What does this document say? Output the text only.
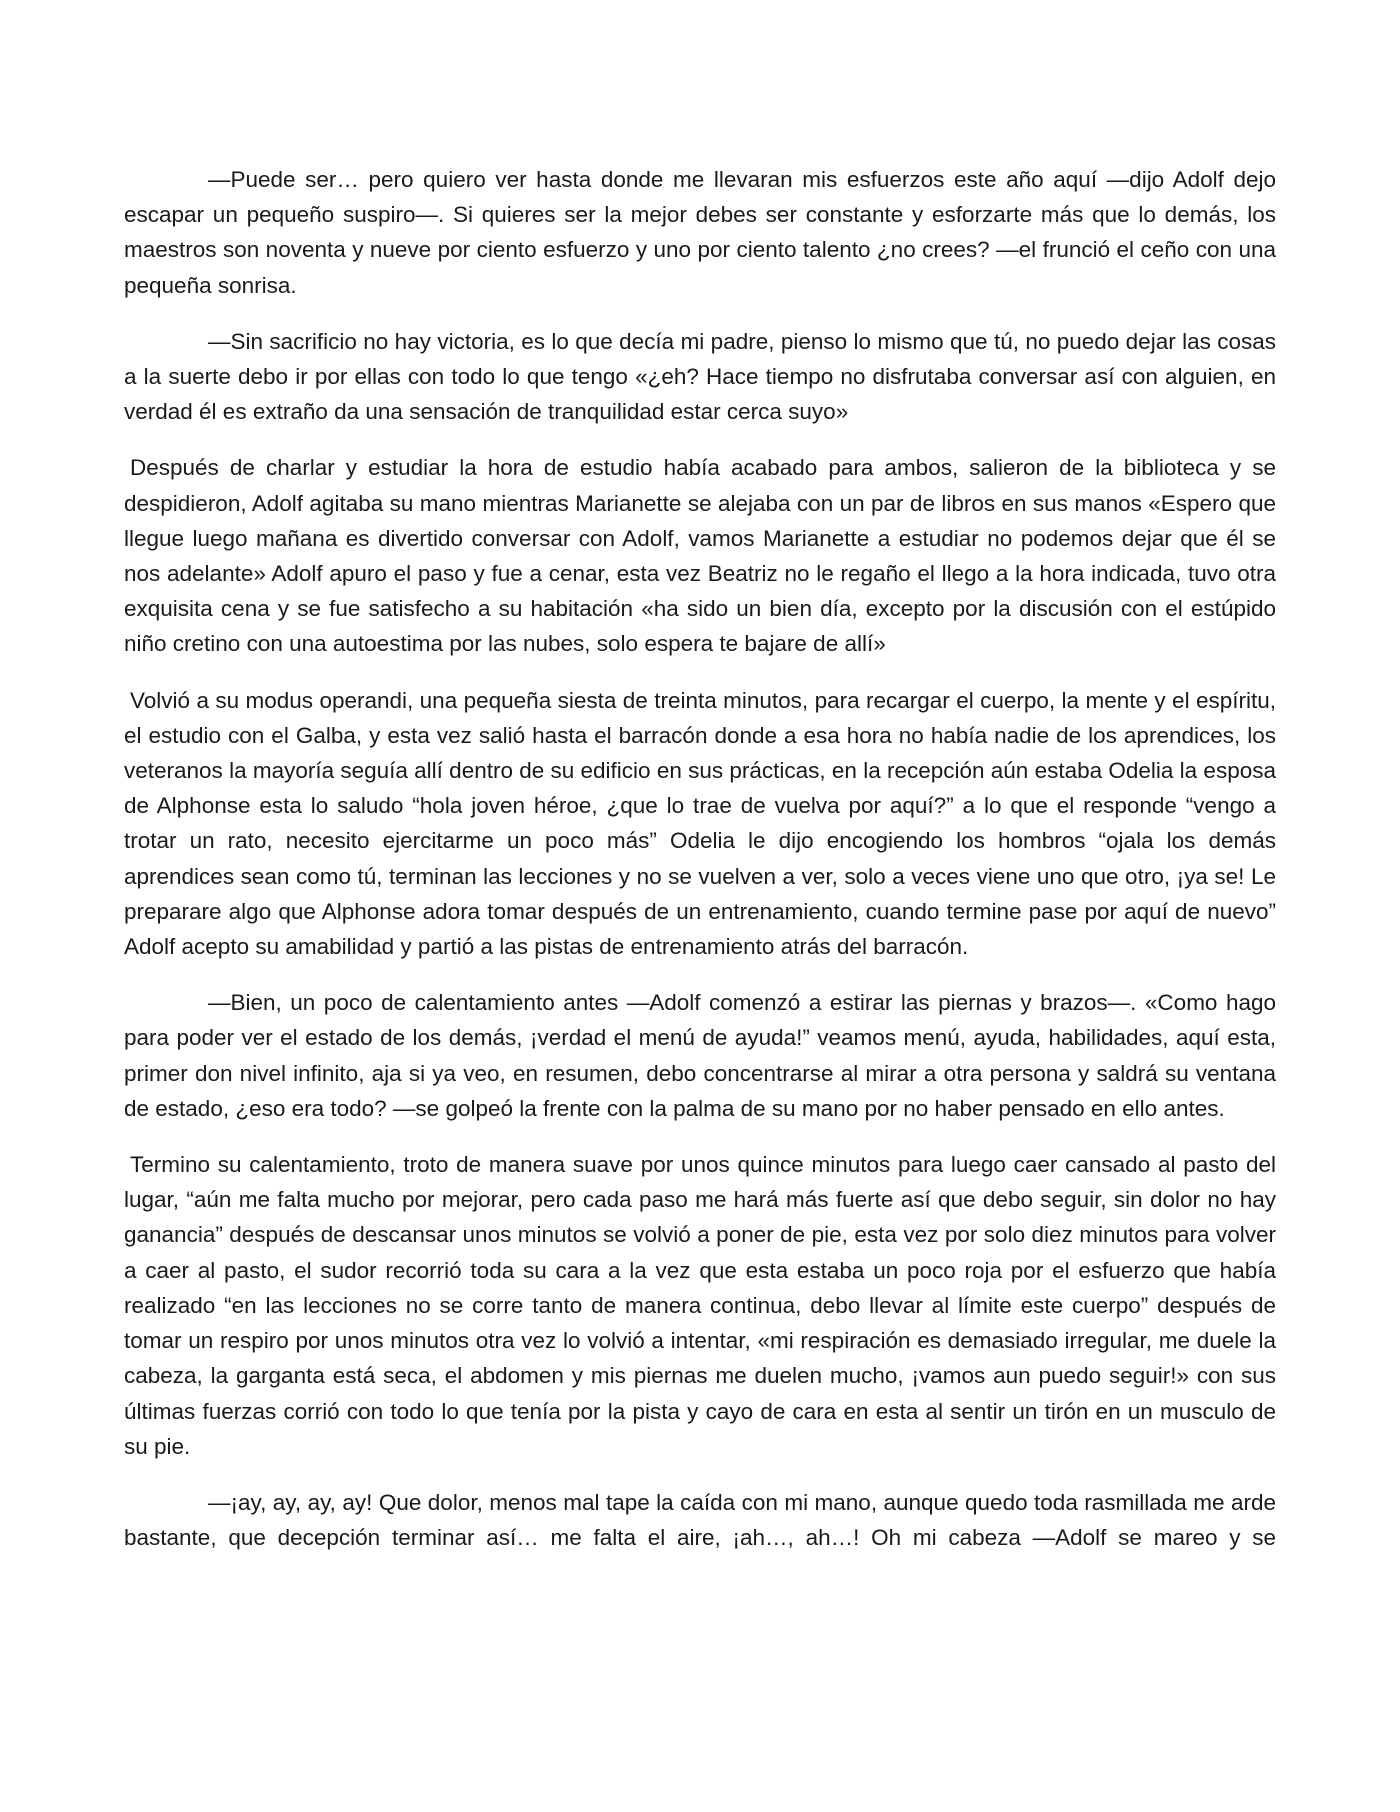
—Puede ser… pero quiero ver hasta donde me llevaran mis esfuerzos este año aquí —dijo Adolf dejo escapar un pequeño suspiro—. Si quieres ser la mejor debes ser constante y esforzarte más que lo demás, los maestros son noventa y nueve por ciento esfuerzo y uno por ciento talento ¿no crees? —el frunció el ceño con una pequeña sonrisa.

—Sin sacrificio no hay victoria, es lo que decía mi padre, pienso lo mismo que tú, no puedo dejar las cosas a la suerte debo ir por ellas con todo lo que tengo «¿eh? Hace tiempo no disfrutaba conversar así con alguien, en verdad él es extraño da una sensación de tranquilidad estar cerca suyo»

Después de charlar y estudiar la hora de estudio había acabado para ambos, salieron de la biblioteca y se despidieron, Adolf agitaba su mano mientras Marianette se alejaba con un par de libros en sus manos «Espero que llegue luego mañana es divertido conversar con Adolf, vamos Marianette a estudiar no podemos dejar que él se nos adelante» Adolf apuro el paso y fue a cenar, esta vez Beatriz no le regaño el llego a la hora indicada, tuvo otra exquisita cena y se fue satisfecho a su habitación «ha sido un bien día, excepto por la discusión con el estúpido niño cretino con una autoestima por las nubes, solo espera te bajare de allí»

Volvió a su modus operandi, una pequeña siesta de treinta minutos, para recargar el cuerpo, la mente y el espíritu, el estudio con el Galba, y esta vez salió hasta el barracón donde a esa hora no había nadie de los aprendices, los veteranos la mayoría seguía allí dentro de su edificio en sus prácticas, en la recepción aún estaba Odelia la esposa de Alphonse esta lo saludo “hola joven héroe, ¿que lo trae de vuelva por aquí?” a lo que el responde “vengo a trotar un rato, necesito ejercitarme un poco más” Odelia le dijo encogiendo los hombros “ojala los demás aprendices sean como tú, terminan las lecciones y no se vuelven a ver, solo a veces viene uno que otro, ¡ya se! Le preparare algo que Alphonse adora tomar después de un entrenamiento, cuando termine pase por aquí de nuevo” Adolf acepto su amabilidad y partió a las pistas de entrenamiento atrás del barracón.

—Bien, un poco de calentamiento antes —Adolf comenzó a estirar las piernas y brazos—. «Como hago para poder ver el estado de los demás, ¡verdad el menú de ayuda!” veamos menú, ayuda, habilidades, aquí esta, primer don nivel infinito, aja si ya veo, en resumen, debo concentrarse al mirar a otra persona y saldrá su ventana de estado, ¿eso era todo? —se golpeó la frente con la palma de su mano por no haber pensado en ello antes.

Termino su calentamiento, troto de manera suave por unos quince minutos para luego caer cansado al pasto del lugar, “aún me falta mucho por mejorar, pero cada paso me hará más fuerte así que debo seguir, sin dolor no hay ganancia” después de descansar unos minutos se volvió a poner de pie, esta vez por solo diez minutos para volver a caer al pasto, el sudor recorrió toda su cara a la vez que esta estaba un poco roja por el esfuerzo que había realizado “en las lecciones no se corre tanto de manera continua, debo llevar al límite este cuerpo” después de tomar un respiro por unos minutos otra vez lo volvió a intentar, «mi respiración es demasiado irregular, me duele la cabeza, la garganta está seca, el abdomen y mis piernas me duelen mucho, ¡vamos aun puedo seguir!» con sus últimas fuerzas corrió con todo lo que tenía por la pista y cayo de cara en esta al sentir un tirón en un musculo de su pie.

—¡ay, ay, ay, ay! Que dolor, menos mal tape la caída con mi mano, aunque quedo toda rasmillada me arde bastante, que decepción terminar así… me falta el aire, ¡ah…, ah…! Oh mi cabeza —Adolf se mareo y se
